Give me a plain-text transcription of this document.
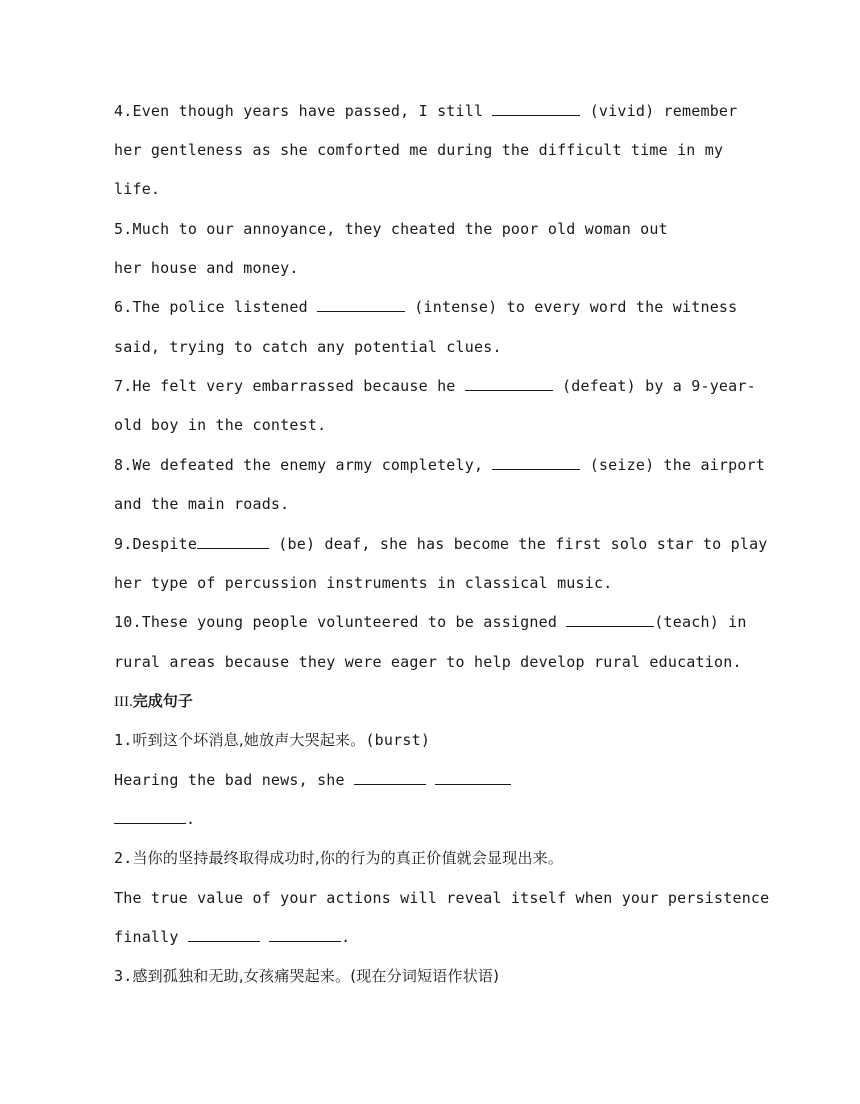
4.Even though years have passed, I still	(vivid) remember
her gentleness as she comforted me during the difficult time in my
life.
5.Much to our annoyance, they cheated the poor old woman out
her house and money.
6.The police listened	(intense) to every word the witness
said, trying to catch any potential clues.
7.He felt very embarrassed because he	(defeat) by a 9-year-
old boy in the contest.
8.We defeated the enemy army completely,	(seize) the airport
and the main roads.
9.Despite	(be) deaf, she has become the first solo star to play
her type of percussion instruments in classical music.
10.These young people volunteered to be assigned	(teach) in
rural areas because they were eager to help develop rural education.
III.完成句子
1.听到这个坏消息,她放声大哭起来。(burst)
Hearing the bad news, she
.
2.当你的坚持最终取得成功时,你的行为的真正价值就会显现出来。
The true value of your actions will reveal itself when your persistence
finally	.
3.感到孤独和无助,女孩痛哭起来。(现在分词短语作状语)
